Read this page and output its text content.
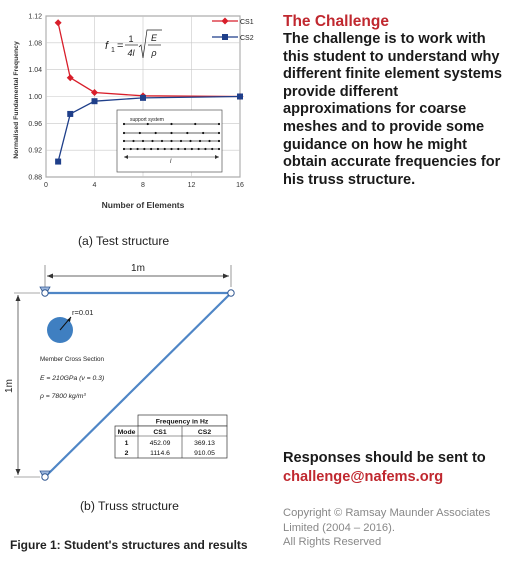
0.88
0.92
0.96
1.00
1.04
1.08
1.12
0	4	8	12	16
Normalised Fundamental Frequency
Number of Elements
CS1
CS2
f 1 =
1
4l
E
ρ
support system
l
(a) Test structure
1m
1m
r=0.01
Member Cross Section
E = 210GPa (ν = 0.3)
ρ = 7800 kg/m³
Frequency in Hz
Mode	CS1	CS2
1	452.09	369.13
2	1114.6	910.05
(b) Truss structure
Figure 1: Student's structures and results
The Challenge
The challenge is to work with this student to understand why different finite element systems provide different approximations for coarse meshes and to provide some guidance on how he might obtain accurate frequencies for his truss structure.
Responses should be sent to
challenge@nafems.org
Copyright © Ramsay Maunder Associates
Limited (2004 – 2016).
All Rights Reserved
